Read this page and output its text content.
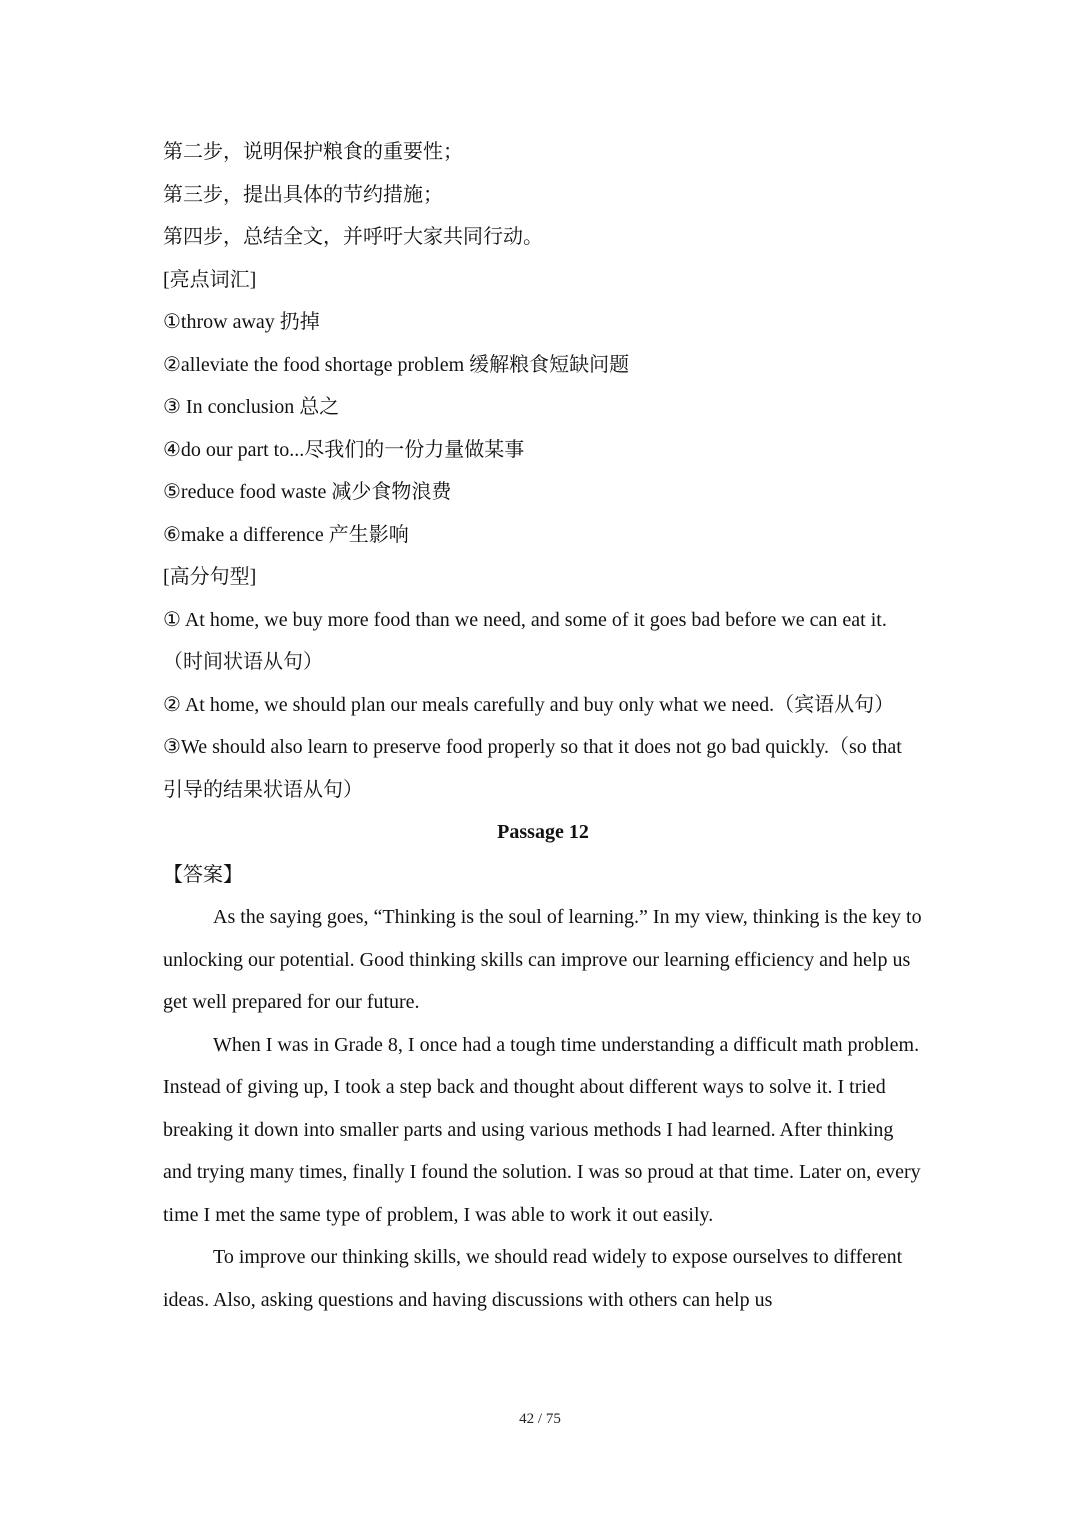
第二步，说明保护粮食的重要性；
第三步，提出具体的节约措施；
第四步，总结全文，并呼吁大家共同行动。
[亮点词汇]
①throw away 扔掉
②alleviate the food shortage problem 缓解粮食短缺问题
③ In conclusion 总之
④do our part to...尽我们的一份力量做某事
⑤reduce food waste 减少食物浪费
⑥make a difference 产生影响
[高分句型]
① At home, we buy more food than we need, and some of it goes bad before we can eat it.（时间状语从句）
② At home, we should plan our meals carefully and buy only what we need.（宾语从句）
③We should also learn to preserve food properly so that it does not go bad quickly.（so that 引导的结果状语从句）
Passage 12
【答案】
As the saying goes, “Thinking is the soul of learning.” In my view, thinking is the key to unlocking our potential. Good thinking skills can improve our learning efficiency and help us get well prepared for our future.
When I was in Grade 8, I once had a tough time understanding a difficult math problem. Instead of giving up, I took a step back and thought about different ways to solve it. I tried breaking it down into smaller parts and using various methods I had learned. After thinking and trying many times, finally I found the solution. I was so proud at that time. Later on, every time I met the same type of problem, I was able to work it out easily.
To improve our thinking skills, we should read widely to expose ourselves to different ideas. Also, asking questions and having discussions with others can help us
42 / 75
